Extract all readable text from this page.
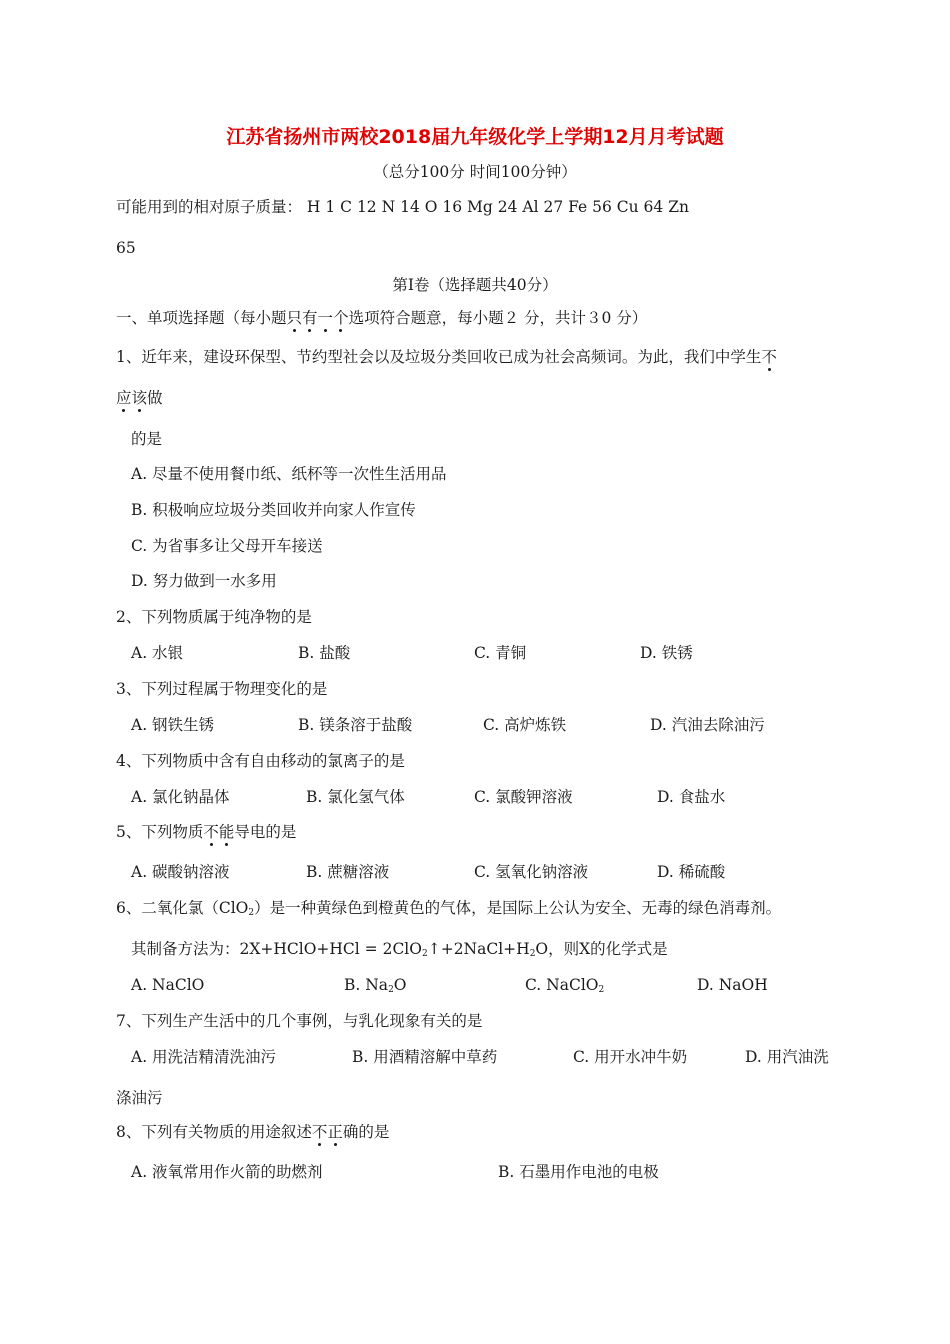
江苏省扬州市两校2018届九年级化学上学期12月月考试题
（总分100分 时间100分钟）
可能用到的相对原子质量： H 1 C 12 N 14 O 16 Mg 24 Al 27 Fe 56 Cu 64 Zn
65
第Ⅰ卷（选择题共40分）
一、单项选择题（每小题只有一个选项符合题意，每小题２ 分，共计３0 分）
1、近年来，建设环保型、节约型社会以及垃圾分类回收已成为社会高频词。为此，我们中学生不
应该做
的是
A. 尽量不使用餐巾纸、纸杯等一次性生活用品
B. 积极响应垃圾分类回收并向家人作宣传
C. 为省事多让父母开车接送
D. 努力做到一水多用
2、下列物质属于纯净物的是
A. 水银	B. 盐酸	C. 青铜	D. 铁锈
3、下列过程属于物理变化的是
A. 钢铁生锈	B. 镁条溶于盐酸	C. 高炉炼铁	D. 汽油去除油污
4、下列物质中含有自由移动的氯离子的是
A. 氯化钠晶体	B. 氯化氢气体	C. 氯酸钾溶液	D. 食盐水
5、下列物质不能导电的是
A. 碳酸钠溶液	B. 蔗糖溶液	C. 氢氧化钠溶液	D. 稀硫酸
6、二氧化氯（ClO$_2$）是一种黄绿色到橙黄色的气体，是国际上公认为安全、无毒的绿色消毒剂。
其制备方法为：2X+HClO+HCl = $2ClO_2↑+2NaCl+H_2O$，则X的化学式是
A. NaClO	B. $Na_2O$	C. NaClO$_2$	D. NaOH
7、下列生产生活中的几个事例，与乳化现象有关的是
A. 用洗洁精清洗油污	B. 用酒精溶解中草药	C. 用开水冲牛奶	D. 用汽油洗
涤油污
8、下列有关物质的用途叙述不正确的是
A. 液氧常用作火箭的助燃剂	B. 石墨用作电池的电极
